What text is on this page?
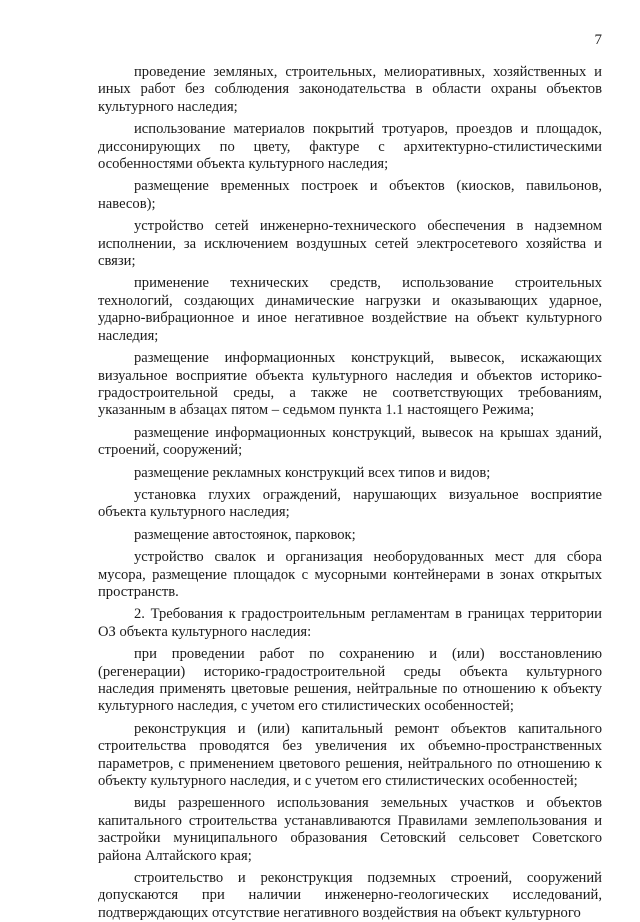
7

проведение земляных, строительных, мелиоративных, хозяйственных и иных работ без соблюдения законодательства в области охраны объектов культурного наследия;

использование материалов покрытий тротуаров, проездов и площадок, диссонирующих по цвету, фактуре с архитектурно-стилистическими особенностями объекта культурного наследия;

размещение временных построек и объектов (киосков, павильонов, навесов);

устройство сетей инженерно-технического обеспечения в надземном исполнении, за исключением воздушных сетей электросетевого хозяйства и связи;

применение технических средств, использование строительных технологий, создающих динамические нагрузки и оказывающих ударное, ударно-вибрационное и иное негативное воздействие на объект культурного наследия;

размещение информационных конструкций, вывесок, искажающих визуальное восприятие объекта культурного наследия и объектов историко-градостроительной среды, а также не соответствующих требованиям, указанным в абзацах пятом – седьмом пункта 1.1 настоящего Режима;

размещение информационных конструкций, вывесок на крышах зданий, строений, сооружений;

размещение рекламных конструкций всех типов и видов;

установка глухих ограждений, нарушающих визуальное восприятие объекта культурного наследия;

размещение автостоянок, парковок;

устройство свалок и организация необорудованных мест для сбора мусора, размещение площадок с мусорными контейнерами в зонах открытых пространств.

2. Требования к градостроительным регламентам в границах территории ОЗ объекта культурного наследия:

при проведении работ по сохранению и (или) восстановлению (регенерации) историко-градостроительной среды объекта культурного наследия применять цветовые решения, нейтральные по отношению к объекту культурного наследия, с учетом его стилистических особенностей;

реконструкция и (или) капитальный ремонт объектов капитального строительства проводятся без увеличения их объемно-пространственных параметров, с применением цветового решения, нейтрального по отношению к объекту культурного наследия, и с учетом его стилистических особенностей;

виды разрешенного использования земельных участков и объектов капитального строительства устанавливаются Правилами землепользования и застройки муниципального образования Сетовский сельсовет Советского района Алтайского края;

строительство и реконструкция подземных строений, сооружений допускаются при наличии инженерно-геологических исследований, подтверждающих отсутствие негативного воздействия на объект культурного
